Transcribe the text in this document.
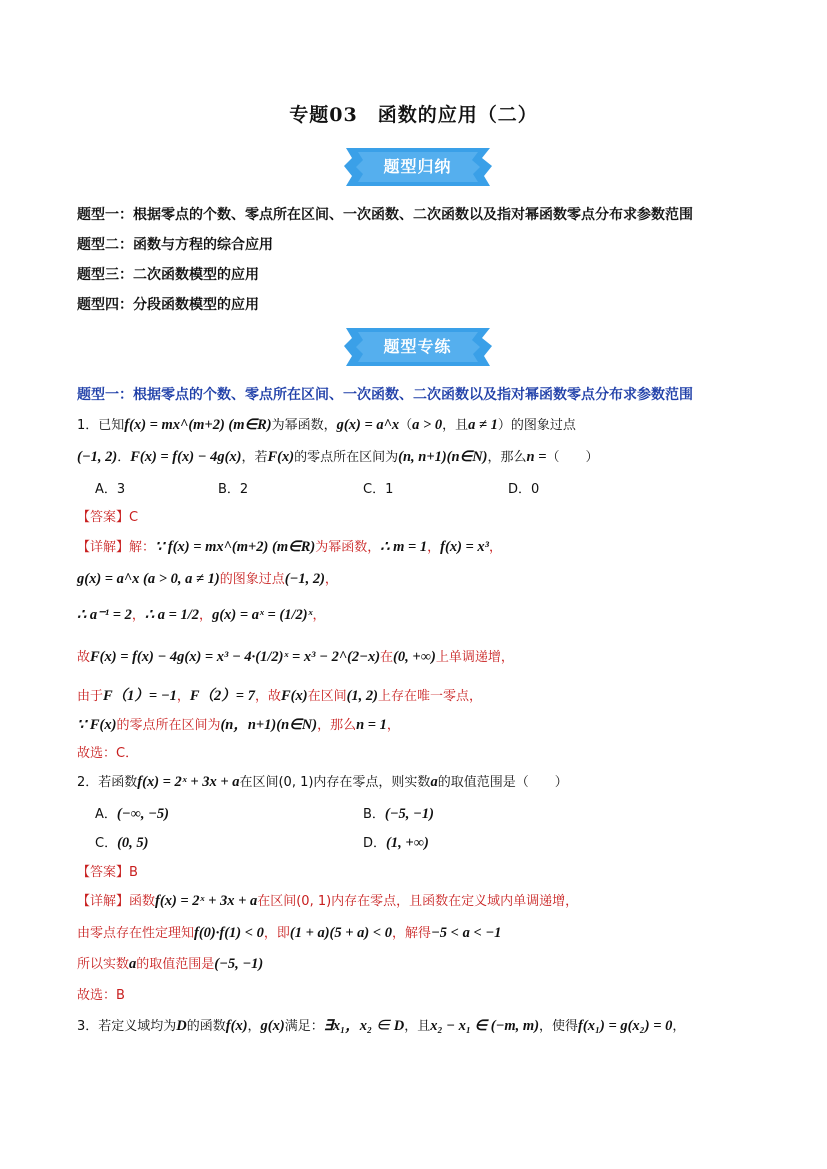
专题03　函数的应用（二）
题型归纳
题型一：根据零点的个数、零点所在区间、一次函数、二次函数以及指对幂函数零点分布求参数范围
题型二：函数与方程的综合应用
题型三：二次函数模型的应用
题型四：分段函数模型的应用
题型专练
题型一：根据零点的个数、零点所在区间、一次函数、二次函数以及指对幂函数零点分布求参数范围
1．已知f(x) = mx^(m+2) (m∈R)为幂函数，g(x) = a^x（a > 0，且a ≠ 1）的图象过点
(−1, 2)．F(x) = f(x) − 4g(x)，若F(x)的零点所在区间为(n, n+1)(n∈N)，那么n =（　　）
A．3	B．2	C．1	D．0
【答案】C
【详解】解：∵ f(x) = mx^(m+2) (m∈R)为幂函数，∴ m = 1，f(x) = x³，
g(x) = a^x (a > 0, a ≠ 1)的图象过点(−1, 2)，
∴ a⁻¹ = 2，∴ a = 1/2，g(x) = aˣ = (1/2)ˣ，
故F(x) = f(x) − 4g(x) = x³ − 4·(1/2)ˣ = x³ − 2^(2−x)在(0, +∞)上单调递增，
由于F（1）= −1，F（2）= 7，故F(x)在区间(1, 2)上存在唯一零点，
∵ F(x)的零点所在区间为(n，n+1)(n∈N)，那么n = 1，
故选：C．
2．若函数f(x) = 2ˣ + 3x + a在区间(0, 1)内存在零点，则实数a的取值范围是（　　）
A．(−∞, −5)	B．(−5, −1)
C．(0, 5)	D．(1, +∞)
【答案】B
【详解】函数f(x) = 2ˣ + 3x + a在区间(0, 1)内存在零点，且函数在定义域内单调递增，
由零点存在性定理知f(0)·f(1) < 0，即(1 + a)(5 + a) < 0，解得−5 < a < −1
所以实数a的取值范围是(−5, −1)
故选：B
3．若定义域均为D的函数f(x)，g(x)满足：∃x₁，x₂ ∈ D，且x₂ − x₁ ∈ (−m, m)，使得f(x₁) = g(x₂) = 0，
